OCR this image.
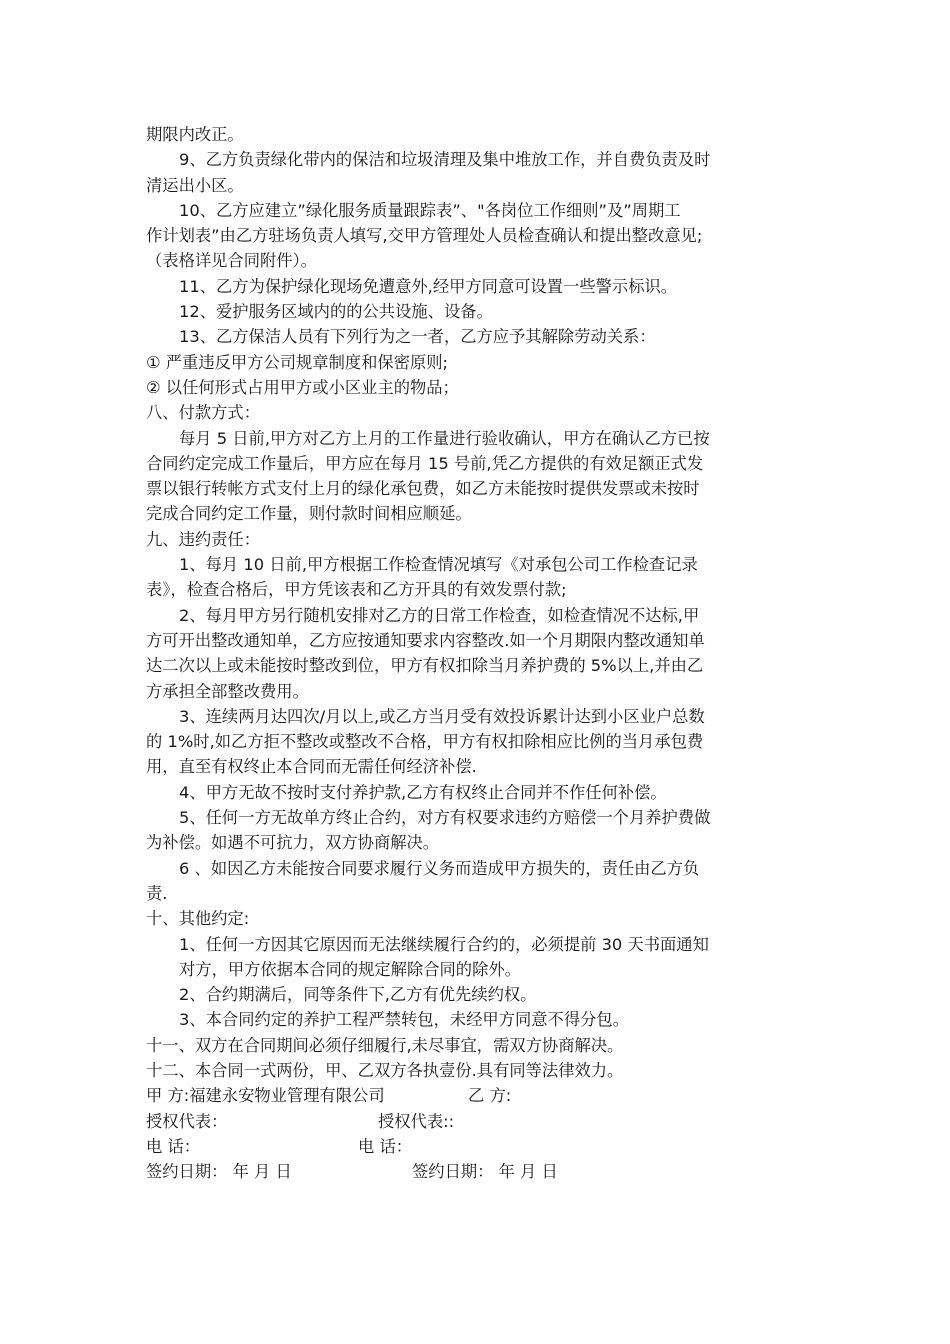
期限内改正。
9、乙方负责绿化带内的保洁和垃圾清理及集中堆放工作，并自费负责及时
清运出小区。
10、乙方应建立”绿化服务质量跟踪表”、"各岗位工作细则”及”周期工
作计划表”由乙方驻场负责人填写,交甲方管理处人员检查确认和提出整改意见;
（表格详见合同附件）。
11、乙方为保护绿化现场免遭意外,经甲方同意可设置一些警示标识。
12、爱护服务区域内的的公共设施、设备。
13、乙方保洁人员有下列行为之一者，乙方应予其解除劳动关系：
① 严重违反甲方公司规章制度和保密原则;
② 以任何形式占用甲方或小区业主的物品；
八、付款方式：
每月 5 日前,甲方对乙方上月的工作量进行验收确认，甲方在确认乙方已按
合同约定完成工作量后，甲方应在每月 15 号前,凭乙方提供的有效足额正式发
票以银行转帐方式支付上月的绿化承包费，如乙方未能按时提供发票或未按时
完成合同约定工作量，则付款时间相应顺延。
九、违约责任：
1、每月 10 日前,甲方根据工作检查情况填写《对承包公司工作检查记录
表》，检查合格后，甲方凭该表和乙方开具的有效发票付款;
2、每月甲方另行随机安排对乙方的日常工作检查，如检查情况不达标,甲
方可开出整改通知单，乙方应按通知要求内容整改.如一个月期限内整改通知单
达二次以上或未能按时整改到位，甲方有权扣除当月养护费的 5%以上,并由乙
方承担全部整改费用。
3、连续两月达四次/月以上,或乙方当月受有效投诉累计达到小区业户总数
的 1%时,如乙方拒不整改或整改不合格，甲方有权扣除相应比例的当月承包费
用，直至有权终止本合同而无需任何经济补偿.
4、甲方无故不按时支付养护款,乙方有权终止合同并不作任何补偿。
5、任何一方无故单方终止合约，对方有权要求违约方赔偿一个月养护费做
为补偿。如遇不可抗力，双方协商解决。
6 、如因乙方未能按合同要求履行义务而造成甲方损失的，责任由乙方负
责.
十、其他约定:
1、任何一方因其它原因而无法继续履行合约的，必须提前 30 天书面通知
对方，甲方依据本合同的规定解除合同的除外。
2、合约期满后，同等条件下,乙方有优先续约权。
3、本合同约定的养护工程严禁转包，未经甲方同意不得分包。
十一、双方在合同期间必须仔细履行,未尽事宜，需双方协商解决。
十二、本合同一式两份，甲、乙双方各执壹份.具有同等法律效力。
甲 方:福建永安物业管理有限公司	乙 方:
授权代表：	授权代表::
电 话：	电 话：
签约日期： 年 月 日	签约日期： 年 月 日
